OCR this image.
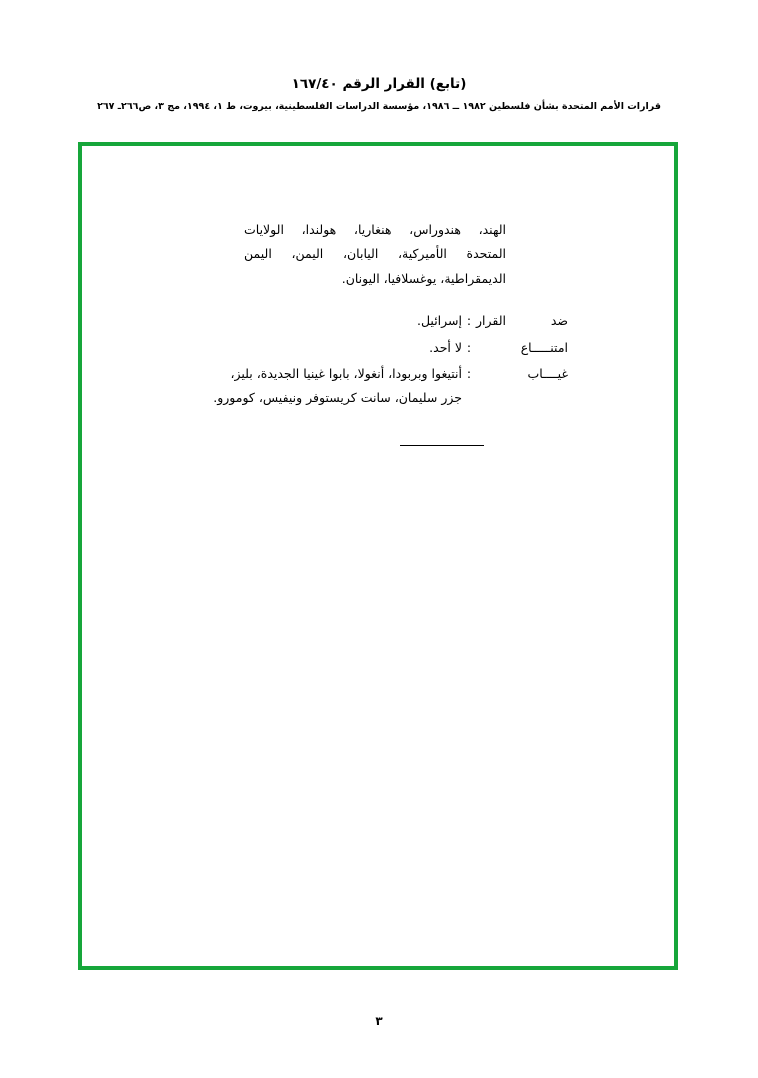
(تابع) القرار الرقم ١٦٧/٤٠
قرارات الأمم المتحدة بشأن فلسطين ١٩٨٢ ــ ١٩٨٦، مؤسسة الدراسات الفلسطينية، بيروت، ط ١، ١٩٩٤، مج ٣، ص٢٦٦ـ ٢٦٧
الهند، هندوراس، هنغاريا، هولندا، الولايات
المتحدة الأميركية، اليابان، اليمن، اليمن
الديمقراطية، يوغسلافيا، اليونان.
ضد القرار
:
إسرائيل.
امتنـــــاع
:
لا أحد.
غيــــاب
:
أنتيغوا وبربودا، أنغولا، بابوا غينيا الجديدة، بليز،
جزر سليمان، سانت كريستوفر ونيفيس، كومورو.
٣
